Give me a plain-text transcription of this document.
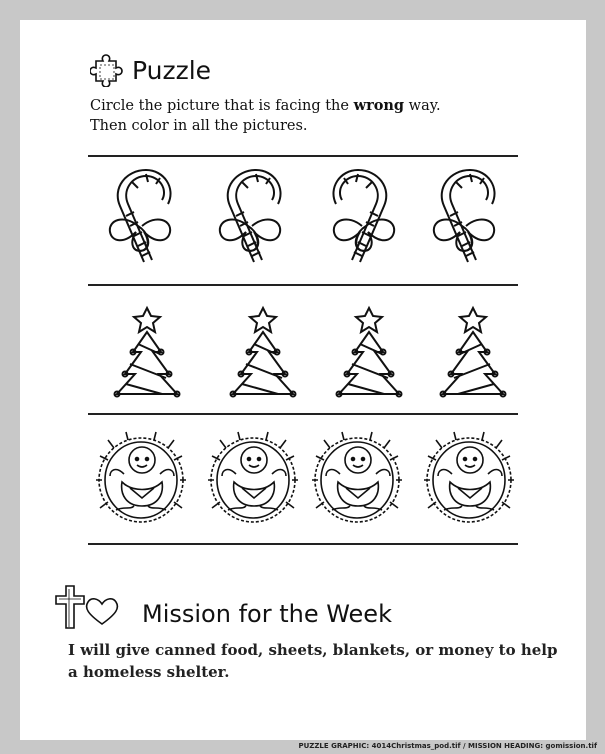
Puzzle
Circle the picture that is facing the wrong way.
Then color in all the pictures.
Mission for the Week
I will give canned food, sheets, blankets, or money to help a homeless shelter.
PUZZLE GRAPHIC: 4014Christmas_pod.tif / MISSION HEADING: gomission.tif
